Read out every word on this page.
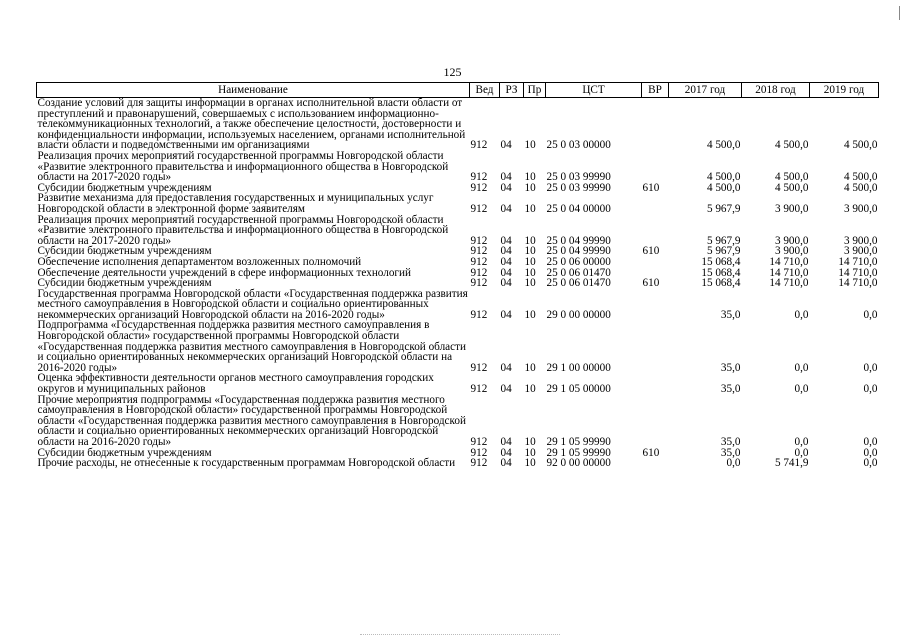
125
Наименование	Вед	РЗ	Пр	ЦСТ	ВР	2017 год	2018 год	2019 год
Создание условий для защиты информации в органах исполнительной власти области от преступлений и правонарушений, совершаемых с использованием информационно-телекоммуникационных технологий, а также обеспечение целостности, достоверности и конфиденциальности информации, используемых населением, органами исполнительной власти области и подведомственными им организациями	912	04	10	25 0 03 00000		4 500,0	4 500,0	4 500,0
Реализация прочих мероприятий государственной программы Новгородской области «Развитие электронного правительства и информационного общества в Новгородской области на 2017-2020 годы»	912	04	10	25 0 03 99990		4 500,0	4 500,0	4 500,0
Субсидии бюджетным учреждениям	912	04	10	25 0 03 99990	610	4 500,0	4 500,0	4 500,0
Развитие механизма для предоставления государственных и муниципальных услуг Новгородской области в электронной форме заявителям	912	04	10	25 0 04 00000		5 967,9	3 900,0	3 900,0
Реализация прочих мероприятий государственной программы Новгородской области «Развитие электронного правительства и информационного общества в Новгородской области на 2017-2020 годы»	912	04	10	25 0 04 99990		5 967,9	3 900,0	3 900,0
Субсидии бюджетным учреждениям	912	04	10	25 0 04 99990	610	5 967,9	3 900,0	3 900,0
Обеспечение исполнения департаментом возложенных полномочий	912	04	10	25 0 06 00000		15 068,4	14 710,0	14 710,0
Обеспечение деятельности учреждений в сфере информационных технологий	912	04	10	25 0 06 01470		15 068,4	14 710,0	14 710,0
Субсидии бюджетным учреждениям	912	04	10	25 0 06 01470	610	15 068,4	14 710,0	14 710,0
Государственная программа Новгородской области «Государственная поддержка развития местного самоуправления в Новгородской области и социально ориентированных некоммерческих организаций Новгородской области на 2016-2020 годы»	912	04	10	29 0 00 00000		35,0	0,0	0,0
Подпрограмма «Государственная поддержка развития местного самоуправления в Новгородской области» государственной программы Новгородской области «Государственная поддержка развития местного самоуправления в Новгородской области и социально ориентированных некоммерческих организаций Новгородской области на 2016-2020 годы»	912	04	10	29 1 00 00000		35,0	0,0	0,0
Оценка эффективности деятельности органов местного самоуправления городских округов и муниципальных районов	912	04	10	29 1 05 00000		35,0	0,0	0,0
Прочие мероприятия подпрограммы «Государственная поддержка развития местного самоуправления в Новгородской области» государственной программы Новгородской области «Государственная поддержка развития местного самоуправления в Новгородской области и социально ориентированных некоммерческих организаций Новгородской области на 2016-2020 годы»	912	04	10	29 1 05 99990		35,0	0,0	0,0
Субсидии бюджетным учреждениям	912	04	10	29 1 05 99990	610	35,0	0,0	0,0
Прочие расходы, не отнесенные к государственным программам Новгородской области	912	04	10	92 0 00 00000		0,0	5 741,9	0,0
